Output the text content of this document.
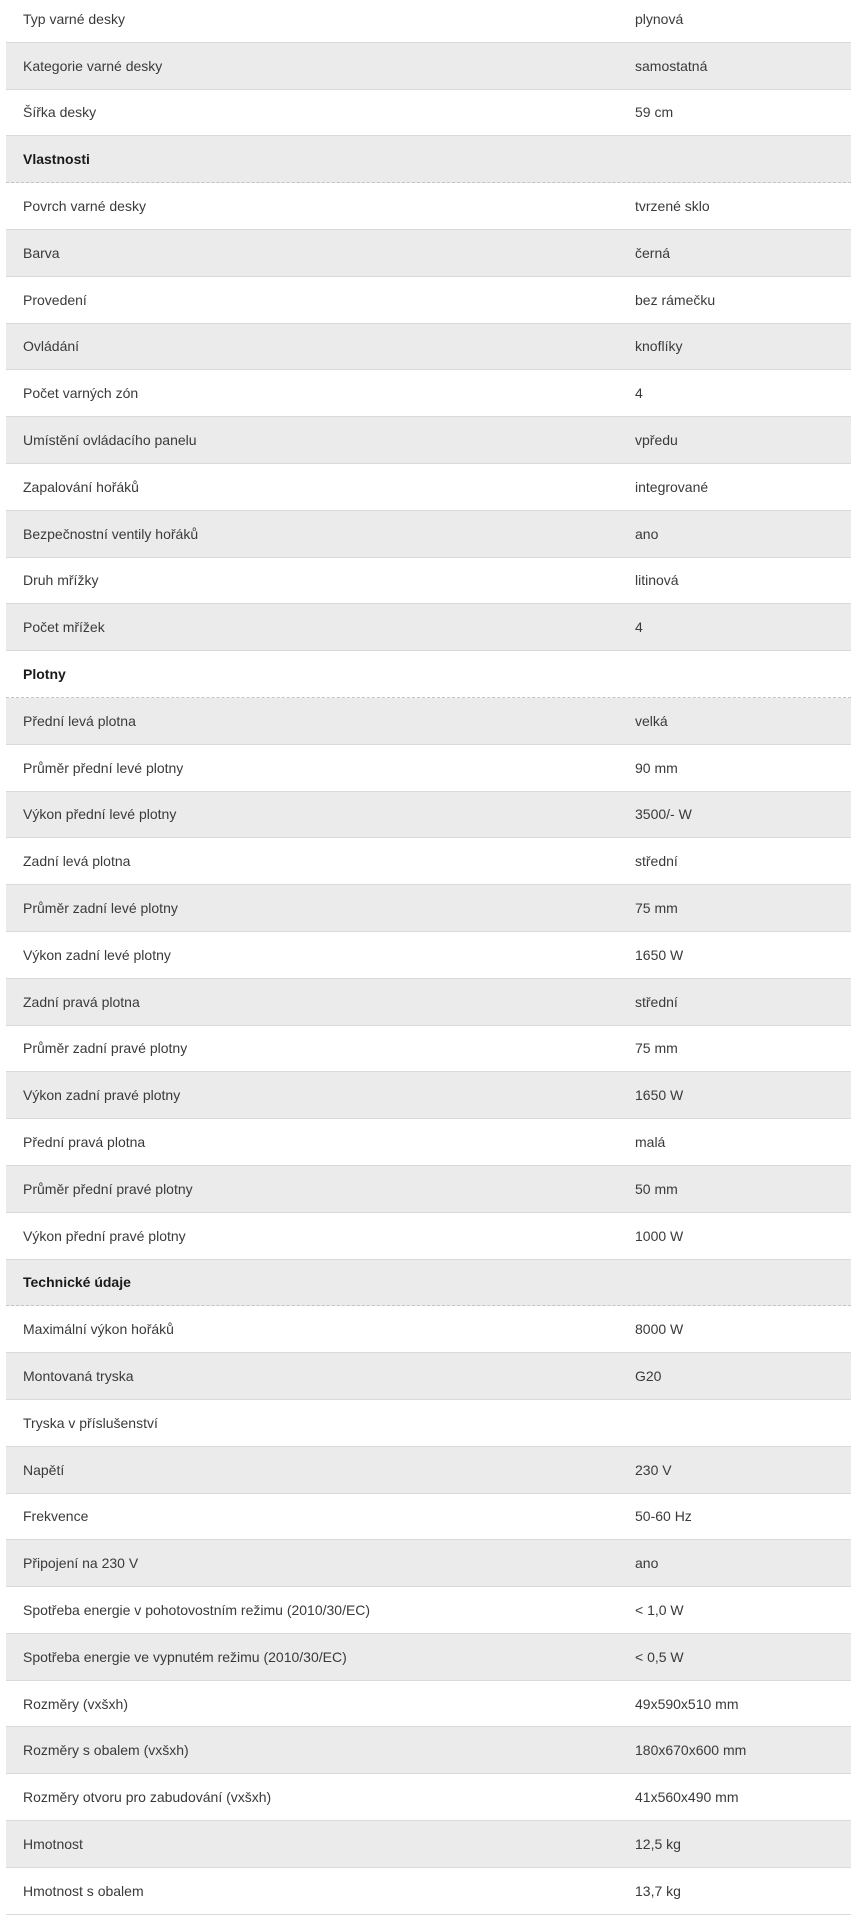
Typ varné desky	plynová
Kategorie varné desky	samostatná
Šířka desky	59 cm
Vlastnosti
Povrch varné desky	tvrzené sklo
Barva	černá
Provedení	bez rámečku
Ovládání	knoflíky
Počet varných zón	4
Umístění ovládacího panelu	vpředu
Zapalování hořáků	integrované
Bezpečnostní ventily hořáků	ano
Druh mřížky	litinová
Počet mřížek	4
Plotny
Přední levá plotna	velká
Průměr přední levé plotny	90 mm
Výkon přední levé plotny	3500/- W
Zadní levá plotna	střední
Průměr zadní levé plotny	75 mm
Výkon zadní levé plotny	1650 W
Zadní pravá plotna	střední
Průměr zadní pravé plotny	75 mm
Výkon zadní pravé plotny	1650 W
Přední pravá plotna	malá
Průměr přední pravé plotny	50 mm
Výkon přední pravé plotny	1000 W
Technické údaje
Maximální výkon hořáků	8000 W
Montovaná tryska	G20
Tryska v příslušenství
Napětí	230 V
Frekvence	50-60 Hz
Připojení na 230 V	ano
Spotřeba energie v pohotovostním režimu (2010/30/EC)	< 1,0 W
Spotřeba energie ve vypnutém režimu (2010/30/EC)	< 0,5 W
Rozměry (vxšxh)	49x590x510 mm
Rozměry s obalem (vxšxh)	180x670x600 mm
Rozměry otvoru pro zabudování (vxšxh)	41x560x490 mm
Hmotnost	12,5 kg
Hmotnost s obalem	13,7 kg
